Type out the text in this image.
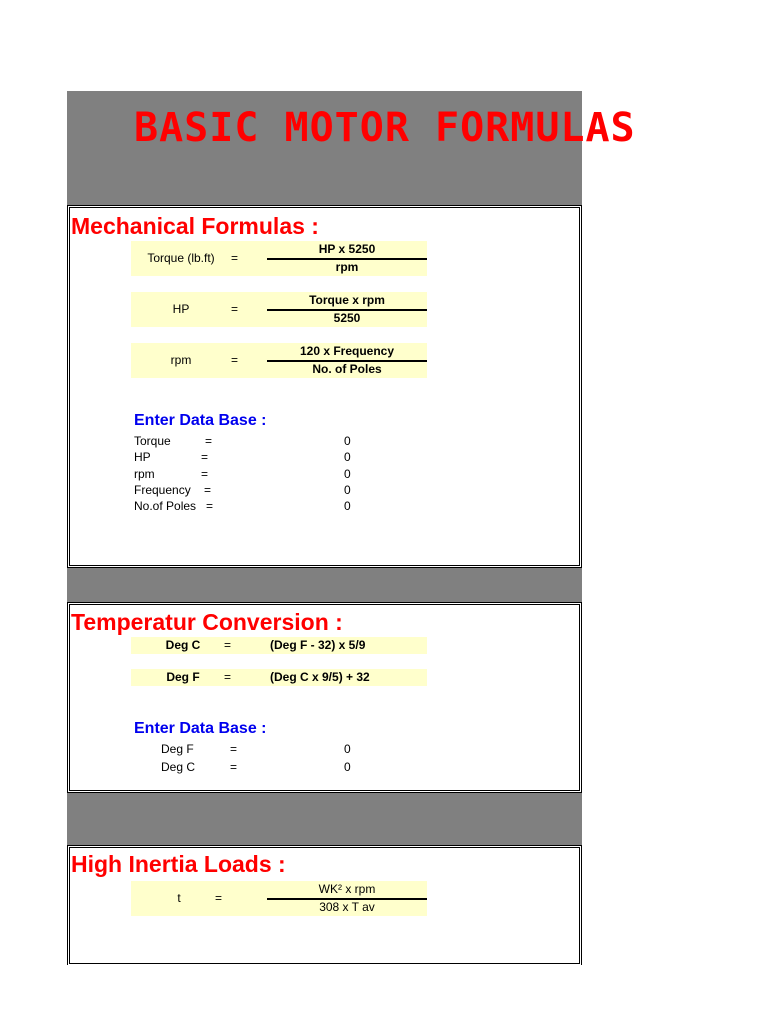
BASIC MOTOR FORMULAS
Mechanical Formulas :
Torque (lb.ft)	=
HP x 5250
rpm
HP	=
Torque x rpm
5250
rpm	=
120 x Frequency
No. of Poles
Enter Data Base :
Torque	=	0
HP	=	0
rpm	=	0
Frequency =	0
No.of Poles =	0
Temperatur Conversion :
Deg C	=	(Deg F - 32) x 5/9
Deg F	=	(Deg C x 9/5) + 32
Enter Data Base :
Deg F	=	0
Deg C	=	0
High Inertia Loads :
t	=
WK² x rpm
308 x T av
